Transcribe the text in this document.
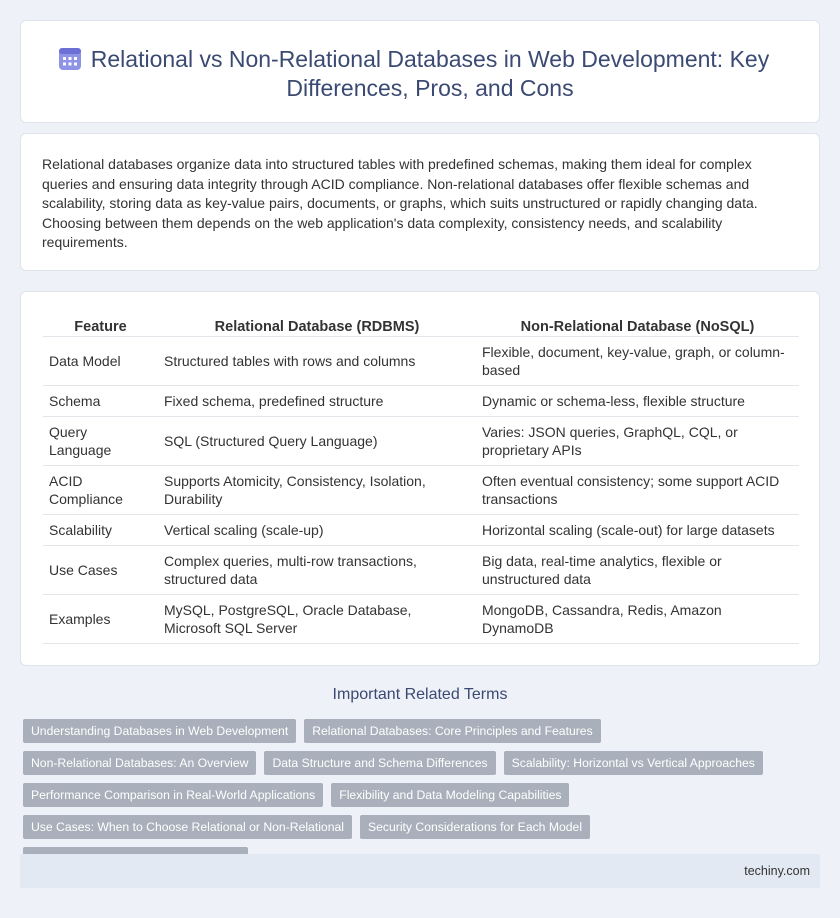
Relational vs Non-Relational Databases in Web Development: Key Differences, Pros, and Cons

Relational databases organize data into structured tables with predefined schemas, making them ideal for complex queries and ensuring data integrity through ACID compliance. Non-relational databases offer flexible schemas and scalability, storing data as key-value pairs, documents, or graphs, which suits unstructured or rapidly changing data. Choosing between them depends on the web application's data complexity, consistency needs, and scalability requirements.

Feature	Relational Database (RDBMS)	Non-Relational Database (NoSQL)
Data Model	Structured tables with rows and columns	Flexible, document, key-value, graph, or column-based
Schema	Fixed schema, predefined structure	Dynamic or schema-less, flexible structure
Query Language	SQL (Structured Query Language)	Varies: JSON queries, GraphQL, CQL, or proprietary APIs
ACID Compliance	Supports Atomicity, Consistency, Isolation, Durability	Often eventual consistency; some support ACID transactions
Scalability	Vertical scaling (scale-up)	Horizontal scaling (scale-out) for large datasets
Use Cases	Complex queries, multi-row transactions, structured data	Big data, real-time analytics, flexible or unstructured data
Examples	MySQL, PostgreSQL, Oracle Database, Microsoft SQL Server	MongoDB, Cassandra, Redis, Amazon DynamoDB
Important Related Terms
Understanding Databases in Web Development	Relational Databases: Core Principles and Features
Non-Relational Databases: An Overview	Data Structure and Schema Differences	Scalability: Horizontal vs Vertical Approaches
Performance Comparison in Real-World Applications	Flexibility and Data Modeling Capabilities
Use Cases: When to Choose Relational or Non-Relational	Security Considerations for Each Model
techiny.com
